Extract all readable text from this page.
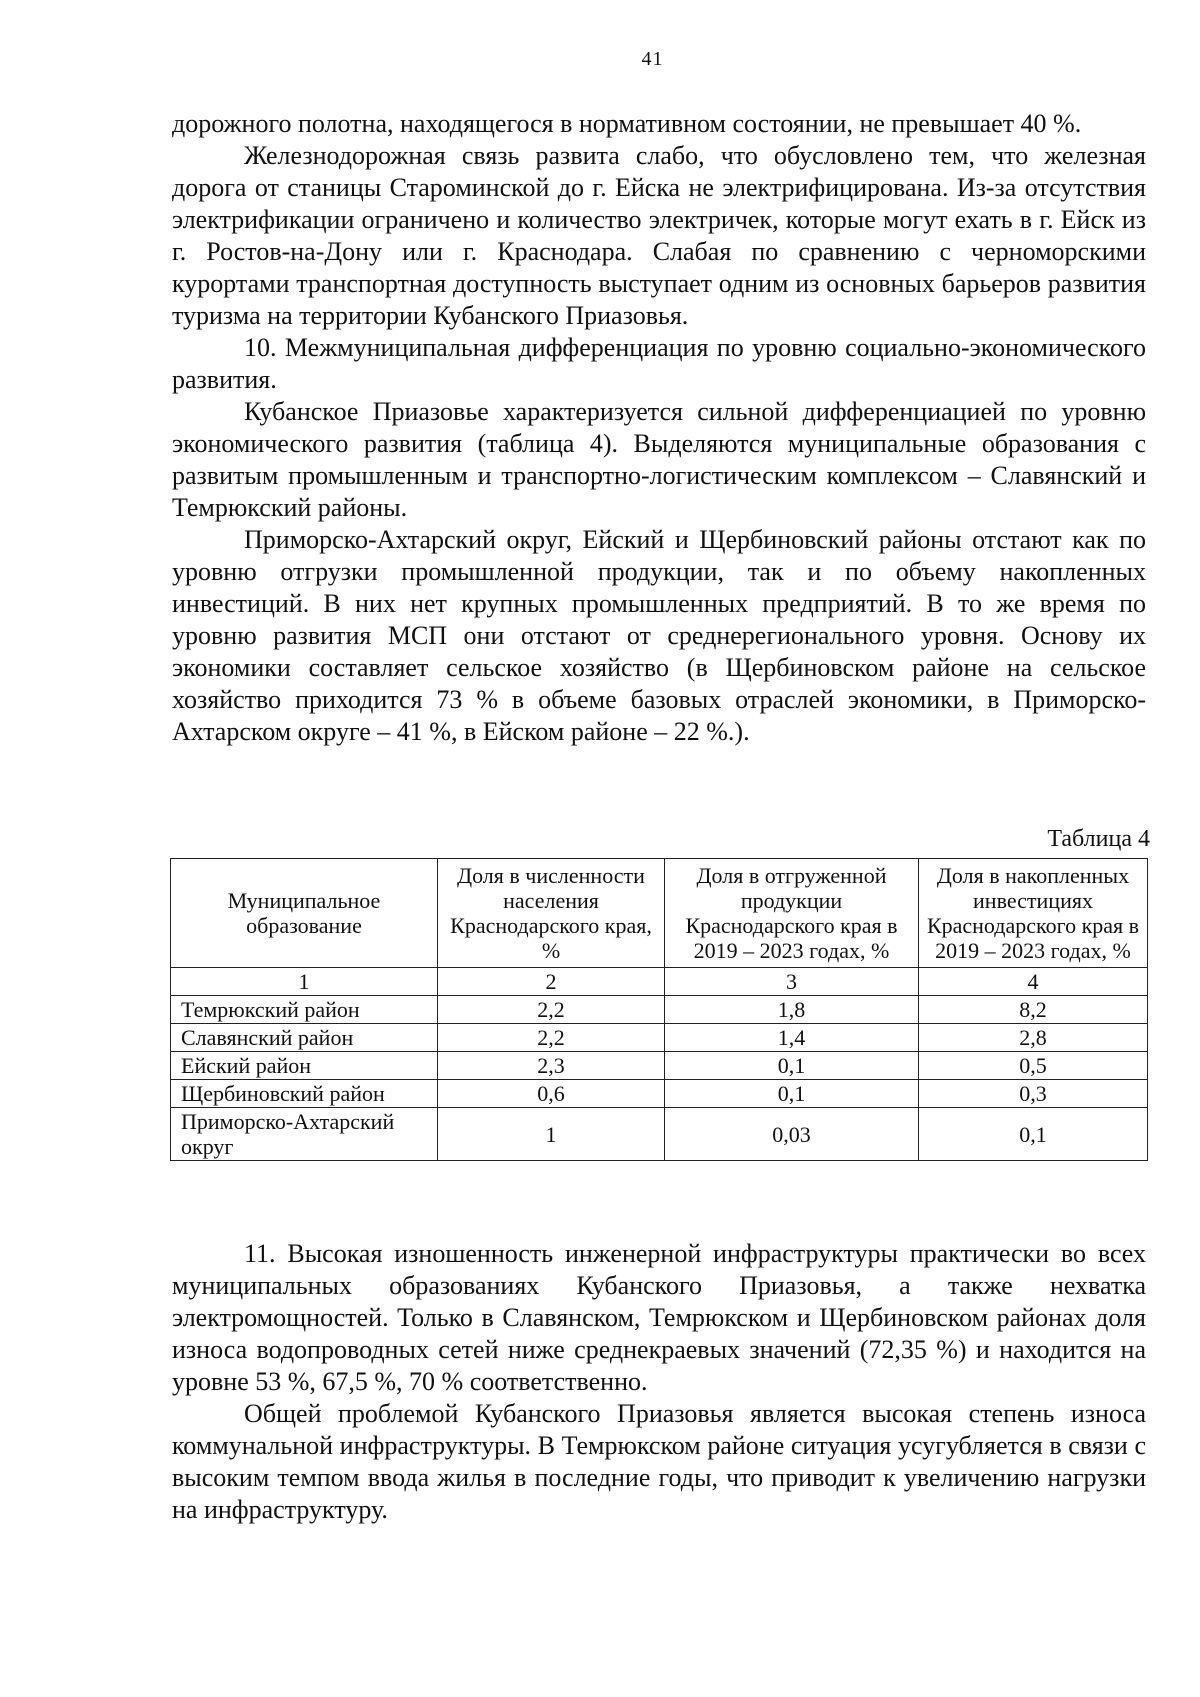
41

дорожного полотна, находящегося в нормативном состоянии, не превышает 40 %.

Железнодорожная связь развита слабо, что обусловлено тем, что железная дорога от станицы Староминской до г. Ейска не электрифицирована. Из-за отсутствия электрификации ограничено и количество электричек, которые могут ехать в г. Ейск из г. Ростов-на-Дону или г. Краснодара. Слабая по сравнению с черноморскими курортами транспортная доступность выступает одним из основных барьеров развития туризма на территории Кубанского Приазовья.

10. Межмуниципальная дифференциация по уровню социально-экономического развития.

Кубанское Приазовье характеризуется сильной дифференциацией по уровню экономического развития (таблица 4). Выделяются муниципальные образования с развитым промышленным и транспортно-логистическим комплексом – Славянский и Темрюкский районы.

Приморско-Ахтарский округ, Ейский и Щербиновский районы отстают как по уровню отгрузки промышленной продукции, так и по объему накопленных инвестиций. В них нет крупных промышленных предприятий. В то же время по уровню развития МСП они отстают от среднерегионального уровня. Основу их экономики составляет сельское хозяйство (в Щербиновском районе на сельское хозяйство приходится 73 % в объеме базовых отраслей экономики, в Приморско-Ахтарском округе – 41 %, в Ейском районе – 22 %.).

Таблица 4
Муниципальное образование	Доля в численности населения Краснодарского края, %	Доля в отгруженной продукции Краснодарского края в 2019 – 2023 годах, %	Доля в накопленных инвестициях Краснодарского края в 2019 – 2023 годах, %
1	2	3	4
Темрюкский район	2,2	1,8	8,2
Славянский район	2,2	1,4	2,8
Ейский район	2,3	0,1	0,5
Щербиновский район	0,6	0,1	0,3
Приморско-Ахтарский округ	1	0,03	0,1

11. Высокая изношенность инженерной инфраструктуры практически во всех муниципальных образованиях Кубанского Приазовья, а также нехватка электромощностей. Только в Славянском, Темрюкском и Щербиновском районах доля износа водопроводных сетей ниже среднекраевых значений (72,35 %) и находится на уровне 53 %, 67,5 %, 70 % соответственно.

Общей проблемой Кубанского Приазовья является высокая степень износа коммунальной инфраструктуры. В Темрюкском районе ситуация усугубляется в связи с высоким темпом ввода жилья в последние годы, что приводит к увеличению нагрузки на инфраструктуру.
